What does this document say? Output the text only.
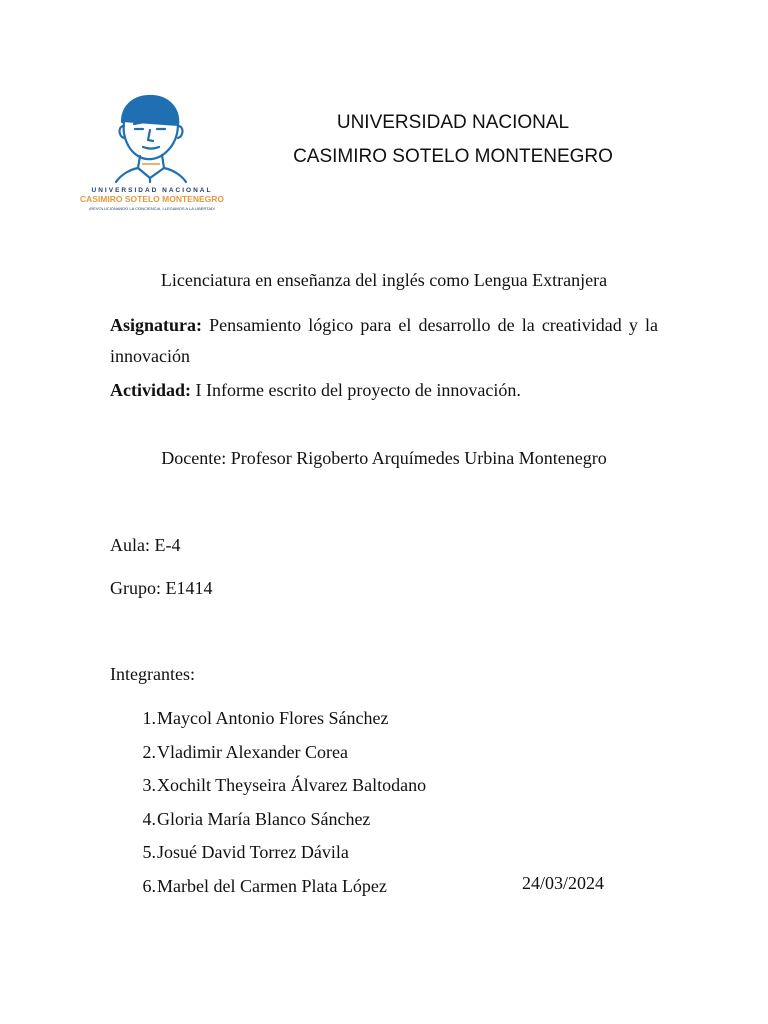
UNIVERSIDAD NACIONAL
CASIMIRO SOTELO MONTENEGRO
¡REVOLUCIONANDO LA CONCIENCIA, LLEGAMOS A LA LIBERTAD!
UNIVERSIDAD NACIONAL
CASIMIRO SOTELO MONTENEGRO
Licenciatura en enseñanza del inglés como Lengua Extranjera
Asignatura: Pensamiento lógico para el desarrollo de la creatividad y la innovación
Actividad: I Informe escrito del proyecto de innovación.
Docente: Profesor Rigoberto Arquímedes Urbina Montenegro
Aula: E-4
Grupo: E1414
Integrantes:
1. Maycol Antonio Flores Sánchez
2. Vladimir Alexander Corea
3. Xochilt Theyseira Álvarez Baltodano
4. Gloria María Blanco Sánchez
5. Josué David Torrez Dávila
6. Marbel del Carmen Plata López	24/03/2024
